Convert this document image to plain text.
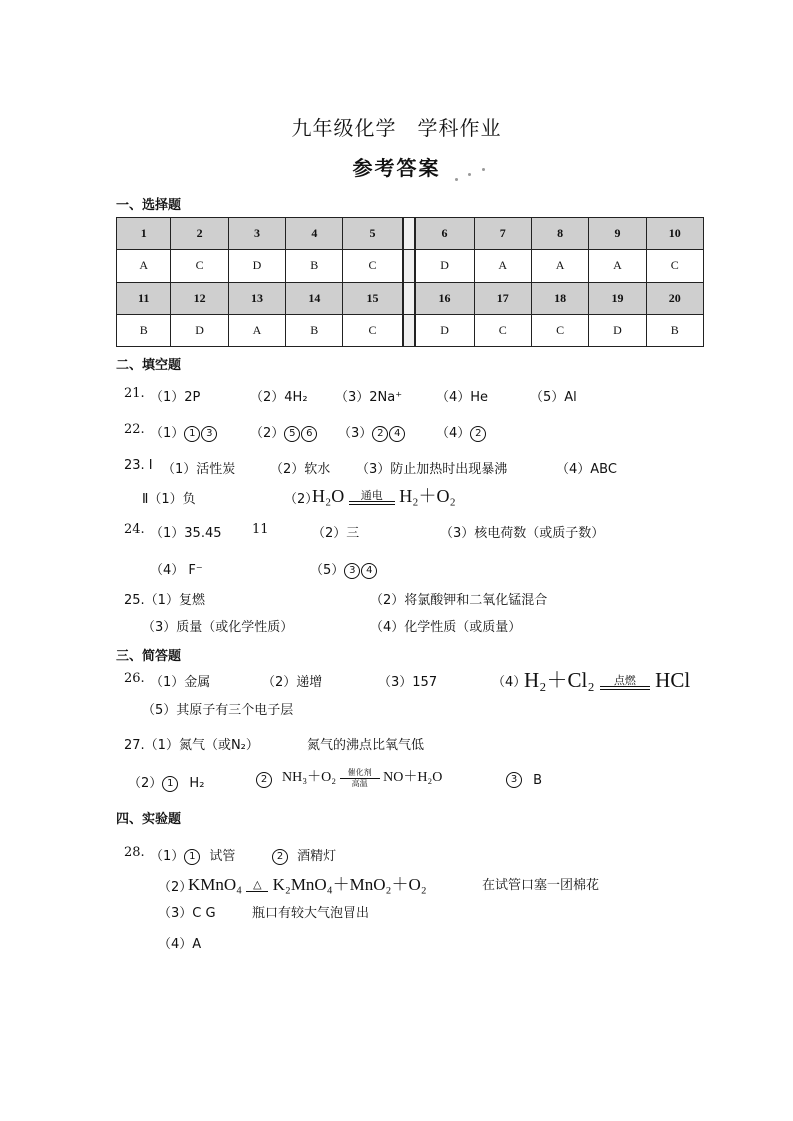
九年级化学　学科作业
参考答案
一、选择题
1	2	3	4	5		6	7	8	9	10
A	C	D	B	C		D	A	A	A	C
11	12	13	14	15		16	17	18	19	20
B	D	A	B	C		D	C	C	D	B
二、填空题
21. （1）2P	（2）4H₂ （3）2Na⁺	（4）He	（5）Al
22. （1） 1 3	（2） 5 6	（3） 2 4	（4） 2
23. Ⅰ （1）活性炭	（2）软水 （3）防止加热时出现暴沸	（4）ABC
Ⅱ（1）负	（2）
H₂O	通电 H₂＋O₂
24. （1）35.45 11	（2）三	（3）核电荷数（或质子数）
（4） F⁻	（5） 3 4
25.（1）复燃	（2）将氯酸钾和二氧化锰混合
（3）质量（或化学性质）	（4）化学性质（或质量）
三、简答题
26. （1）金属	（2）递增	（3）157	（4）
H₂＋Cl₂	点燃 HCl
（5）其原子有三个电子层
27.（1）氮气（或N₂）	氮气的沸点比氧气低
（2） 1 H₂	2	NH₃＋O₂	催化剂
高温	NO＋H₂O	3 B
四、实验题
28. （1） 1 试管	2 酒精灯
（2）
KMnO₄	△ K₂MnO₄＋MnO₂＋O₂	在试管口塞一团棉花
（3）C G	瓶口有较大气泡冒出
（4）A
